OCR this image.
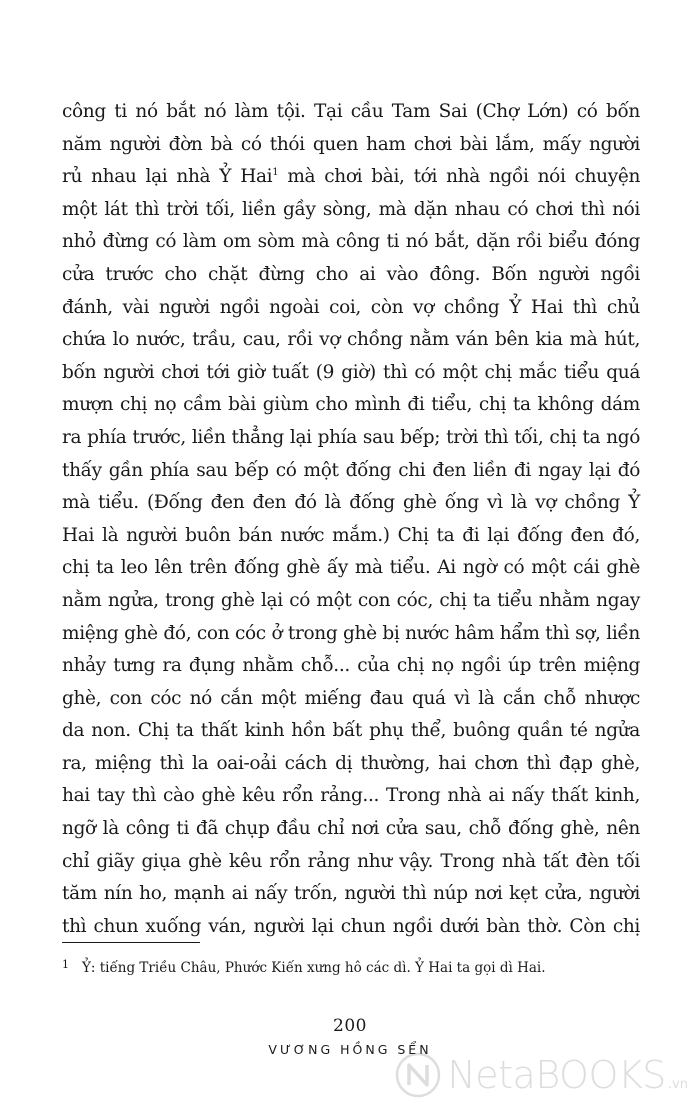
công ti nó bắt nó làm tội. Tại cầu Tam Sai (Chợ Lớn) có bốn
năm người đờn bà có thói quen ham chơi bài lắm, mấy người
rủ nhau lại nhà Ỷ Hai$^1$ mà chơi bài, tới nhà ngồi nói chuyện
một lát thì trời tối, liền gầy sòng, mà dặn nhau có chơi thì nói
nhỏ đừng có làm om sòm mà công ti nó bắt, dặn rồi biểu đóng
cửa trước cho chặt đừng cho ai vào đông. Bốn người ngồi
đánh, vài người ngồi ngoài coi, còn vợ chồng Ỷ Hai thì chủ
chứa lo nước, trầu, cau, rồi vợ chồng nằm ván bên kia mà hút,
bốn người chơi tới giờ tuất (9 giờ) thì có một chị mắc tiểu quá
mượn chị nọ cầm bài giùm cho mình đi tiểu, chị ta không dám
ra phía trước, liền thẳng lại phía sau bếp; trời thì tối, chị ta ngó
thấy gần phía sau bếp có một đống chi đen liền đi ngay lại đó
mà tiểu. (Đống đen đen đó là đống ghè ống vì là vợ chồng Ỷ
Hai là người buôn bán nước mắm.) Chị ta đi lại đống đen đó,
chị ta leo lên trên đống ghè ấy mà tiểu. Ai ngờ có một cái ghè
nằm ngửa, trong ghè lại có một con cóc, chị ta tiểu nhằm ngay
miệng ghè đó, con cóc ở trong ghè bị nước hâm hẩm thì sợ, liền
nhảy tưng ra đụng nhằm chỗ... của chị nọ ngồi úp trên miệng
ghè, con cóc nó cắn một miếng đau quá vì là cắn chỗ nhược
da non. Chị ta thất kinh hồn bất phụ thể, buông quần té ngửa
ra, miệng thì la oai-oải cách dị thường, hai chơn thì đạp ghè,
hai tay thì cào ghè kêu rổn rảng... Trong nhà ai nấy thất kinh,
ngỡ là công ti đã chụp đầu chỉ nơi cửa sau, chỗ đống ghè, nên
chỉ giãy giụa ghè kêu rổn rảng như vậy. Trong nhà tất đèn tối
tăm nín ho, mạnh ai nấy trốn, người thì núp nơi kẹt cửa, người
thì chun xuống ván, người lại chun ngồi dưới bàn thờ. Còn chị
1 Ỷ: tiếng Triều Châu, Phước Kiến xưng hô các dì. Ỷ Hai ta gọi dì Hai.
200
VƯƠNG HỒNG SỂN
NetaBOOKS .vn
